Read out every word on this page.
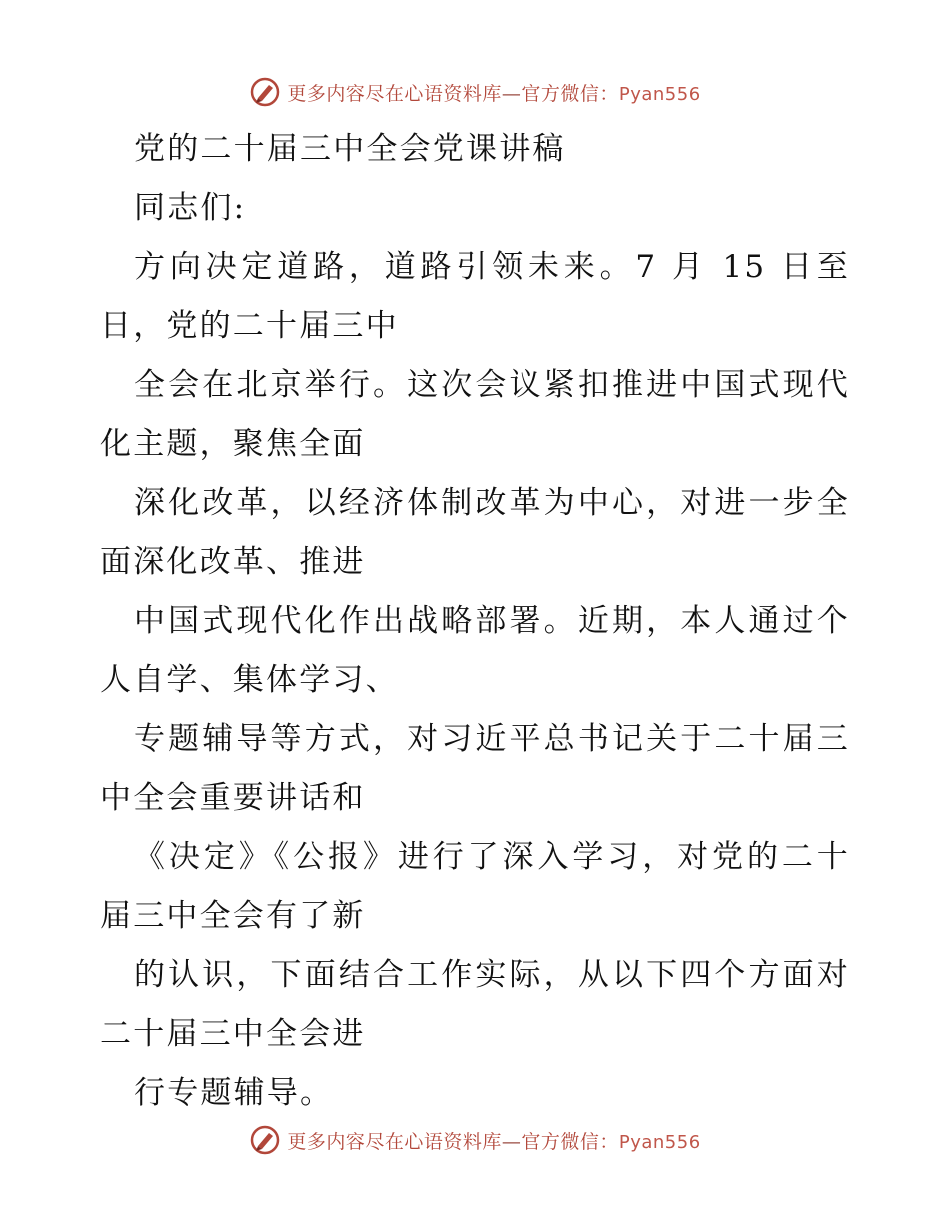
更多内容尽在心语资料库—官方微信：Pyan556
党的二十届三中全会党课讲稿
同志们:
方向决定道路，道路引领未来。7 月 15 日至
日，党的二十届三中
全会在北京举行。这次会议紧扣推进中国式现代
化主题，聚焦全面
深化改革，以经济体制改革为中心，对进一步全
面深化改革、推进
中国式现代化作出战略部署。近期，本人通过个
人自学、集体学习、
专题辅导等方式，对习近平总书记关于二十届三
中全会重要讲话和
《决定》《公报》进行了深入学习，对党的二十
届三中全会有了新
的认识，下面结合工作实际，从以下四个方面对
二十届三中全会进
行专题辅导。
更多内容尽在心语资料库—官方微信：Pyan556
